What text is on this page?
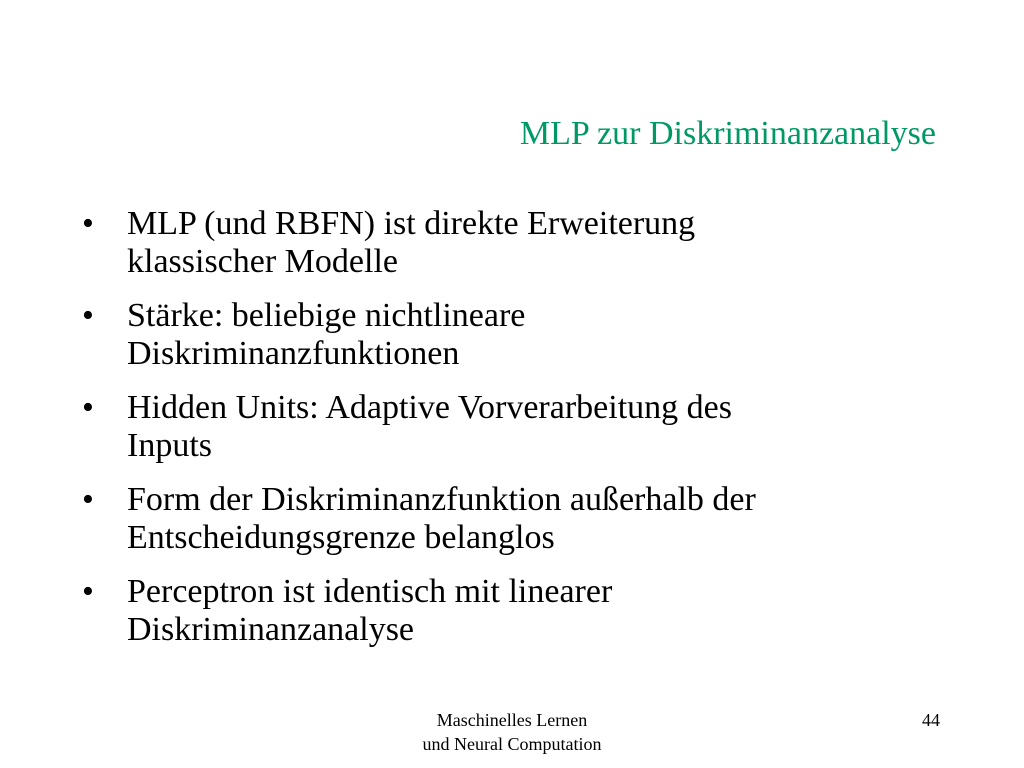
MLP zur Diskriminanzanalyse
• MLP (und RBFN) ist direkte Erweiterung
klassischer Modelle
• Stärke: beliebige nichtlineare
Diskriminanzfunktionen
• Hidden Units: Adaptive Vorverarbeitung des
Inputs
• Form der Diskriminanzfunktion außerhalb der
Entscheidungsgrenze belanglos
• Perceptron ist identisch mit linearer
Diskriminanzanalyse
Maschinelles Lernen
und Neural Computation
44
